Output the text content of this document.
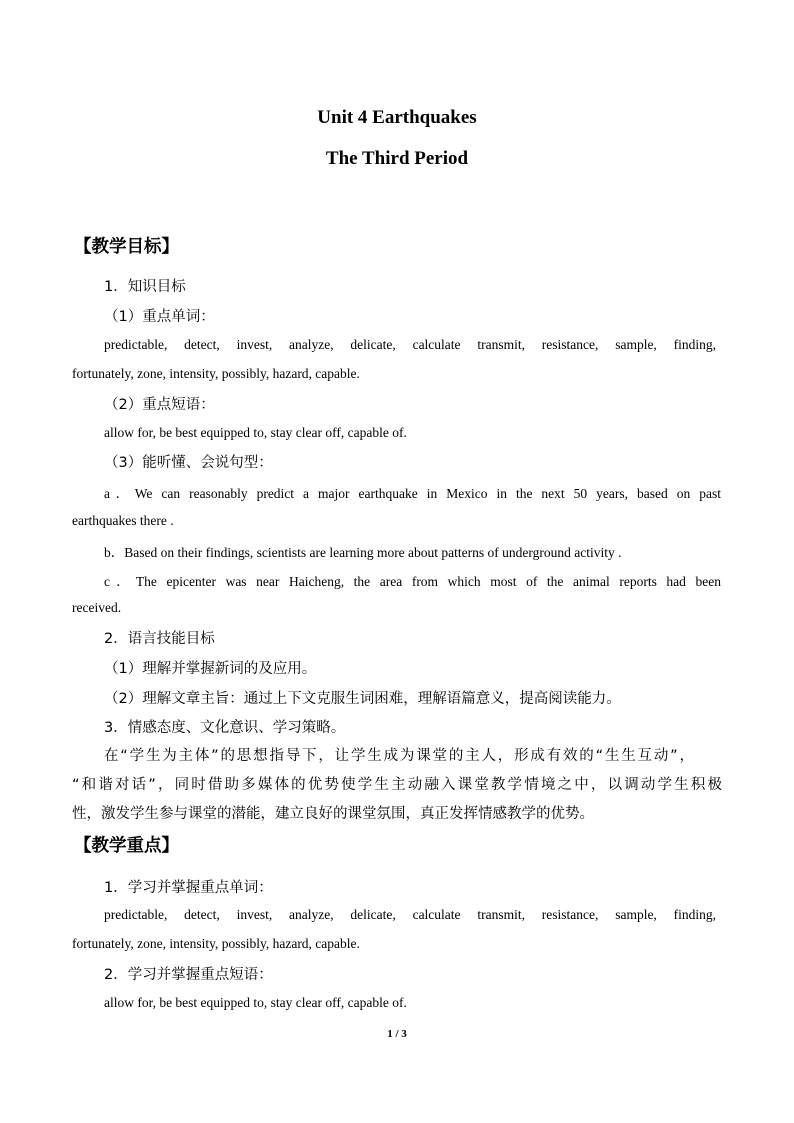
Unit 4 Earthquakes
The Third Period
【教学目标】
1．知识目标
（1）重点单词：
predictable, detect, invest, analyze, delicate, calculate transmit, resistance, sample, finding,
fortunately, zone, intensity, possibly, hazard, capable.
（2）重点短语：
allow for, be best equipped to, stay clear off, capable of.
（3）能听懂、会说句型：
a．We can reasonably predict a major earthquake in Mexico in the next 50 years, based on past
earthquakes there .
b．Based on their findings, scientists are learning more about patterns of underground activity .
c．The epicenter was near Haicheng, the area from which most of the animal reports had been
received.
2．语言技能目标
（1）理解并掌握新词的及应用。
（2）理解文章主旨：通过上下文克服生词困难，理解语篇意义，提高阅读能力。
3．情感态度、文化意识、学习策略。
在“学生为主体”的思想指导下，让学生成为课堂的主人，形成有效的“生生互动”，
“和谐对话”，同时借助多媒体的优势使学生主动融入课堂教学情境之中，以调动学生积极
性，激发学生参与课堂的潜能，建立良好的课堂氛围，真正发挥情感教学的优势。
【教学重点】
1．学习并掌握重点单词：
predictable, detect, invest, analyze, delicate, calculate transmit, resistance, sample, finding,
fortunately, zone, intensity, possibly, hazard, capable.
2．学习并掌握重点短语：
allow for, be best equipped to, stay clear off, capable of.
1 / 3
